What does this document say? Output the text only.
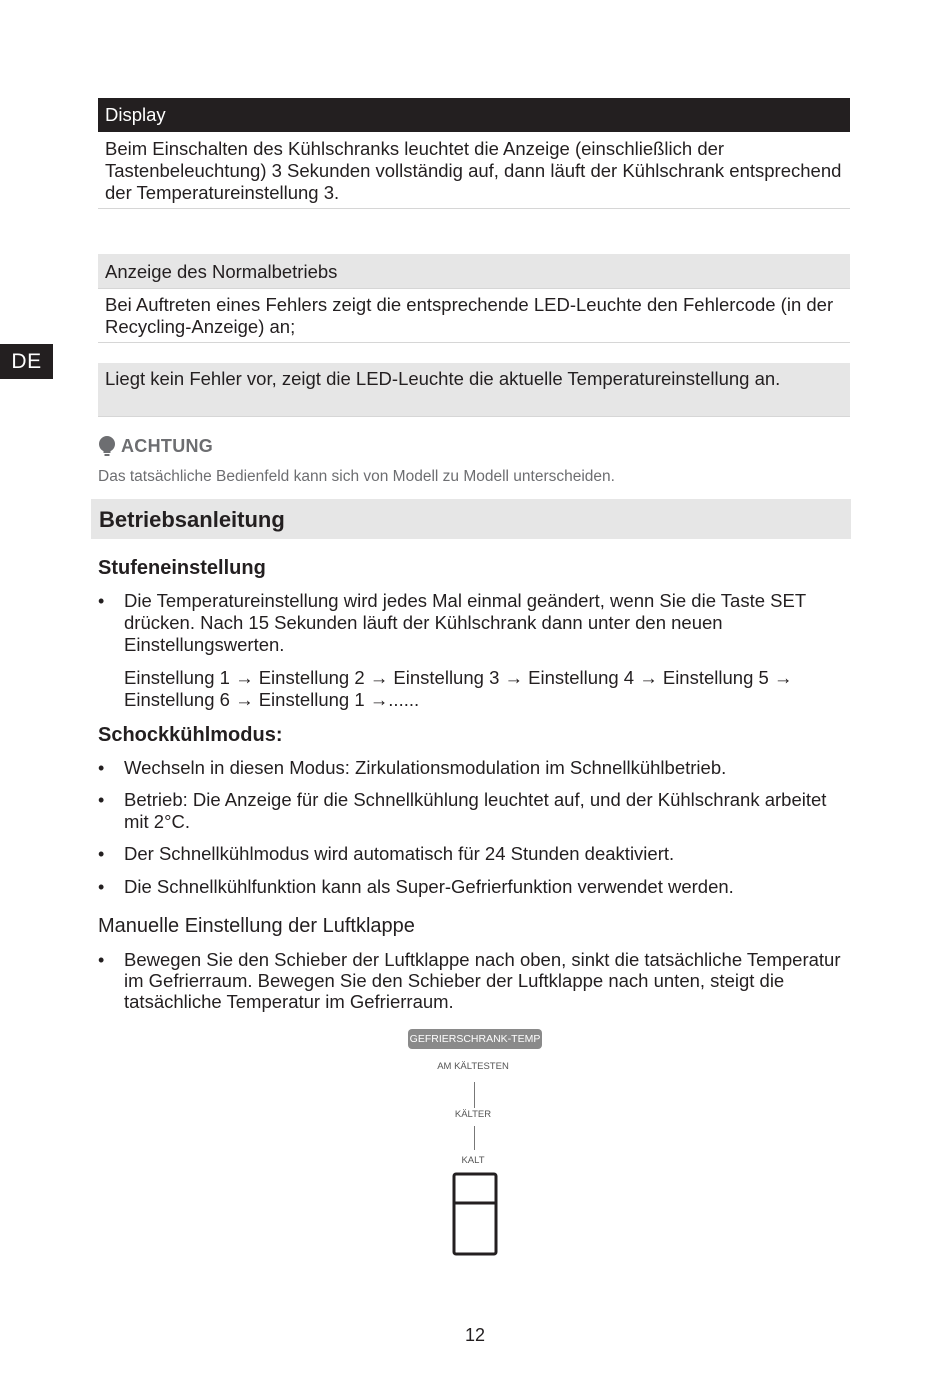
DE
Display
Beim Einschalten des Kühlschranks leuchtet die Anzeige (einschließlich der Tastenbeleuchtung) 3 Sekunden vollständig auf, dann läuft der Kühlschrank entsprechend der Temperatureinstellung 3.
Anzeige des Normalbetriebs
Bei Auftreten eines Fehlers zeigt die entsprechende LED-Leuchte den Fehlercode (in der Recycling-Anzeige) an;
Liegt kein Fehler vor, zeigt die LED-Leuchte die aktuelle Temperatureinstellung an.
ACHTUNG
Das tatsächliche Bedienfeld kann sich von Modell zu Modell unterscheiden.
Betriebsanleitung
Stufeneinstellung
•	Die Temperatureinstellung wird jedes Mal einmal geändert, wenn Sie die Taste SET drücken. Nach 15 Sekunden läuft der Kühlschrank dann unter den neuen Einstellungswerten.
Einstellung 1 → Einstellung 2 → Einstellung 3 → Einstellung 4 → Einstellung 5 → Einstellung 6 → Einstellung 1 →......
Schockkühlmodus:
•	Wechseln in diesen Modus: Zirkulationsmodulation im Schnellkühlbetrieb.
•	Betrieb: Die Anzeige für die Schnellkühlung leuchtet auf, und der Kühlschrank arbeitet mit 2°C.
•	Der Schnellkühlmodus wird automatisch für 24 Stunden deaktiviert.
•	Die Schnellkühlfunktion kann als Super-Gefrierfunktion verwendet werden.
Manuelle Einstellung der Luftklappe
•	Bewegen Sie den Schieber der Luftklappe nach oben, sinkt die tatsächliche Temperatur im Gefrierraum. Bewegen Sie den Schieber der Luftklappe nach unten, steigt die tatsächliche Temperatur im Gefrierraum.
GEFRIERSCHRANK-TEMP
AM KÄLTESTEN
KÄLTER
KALT
12
